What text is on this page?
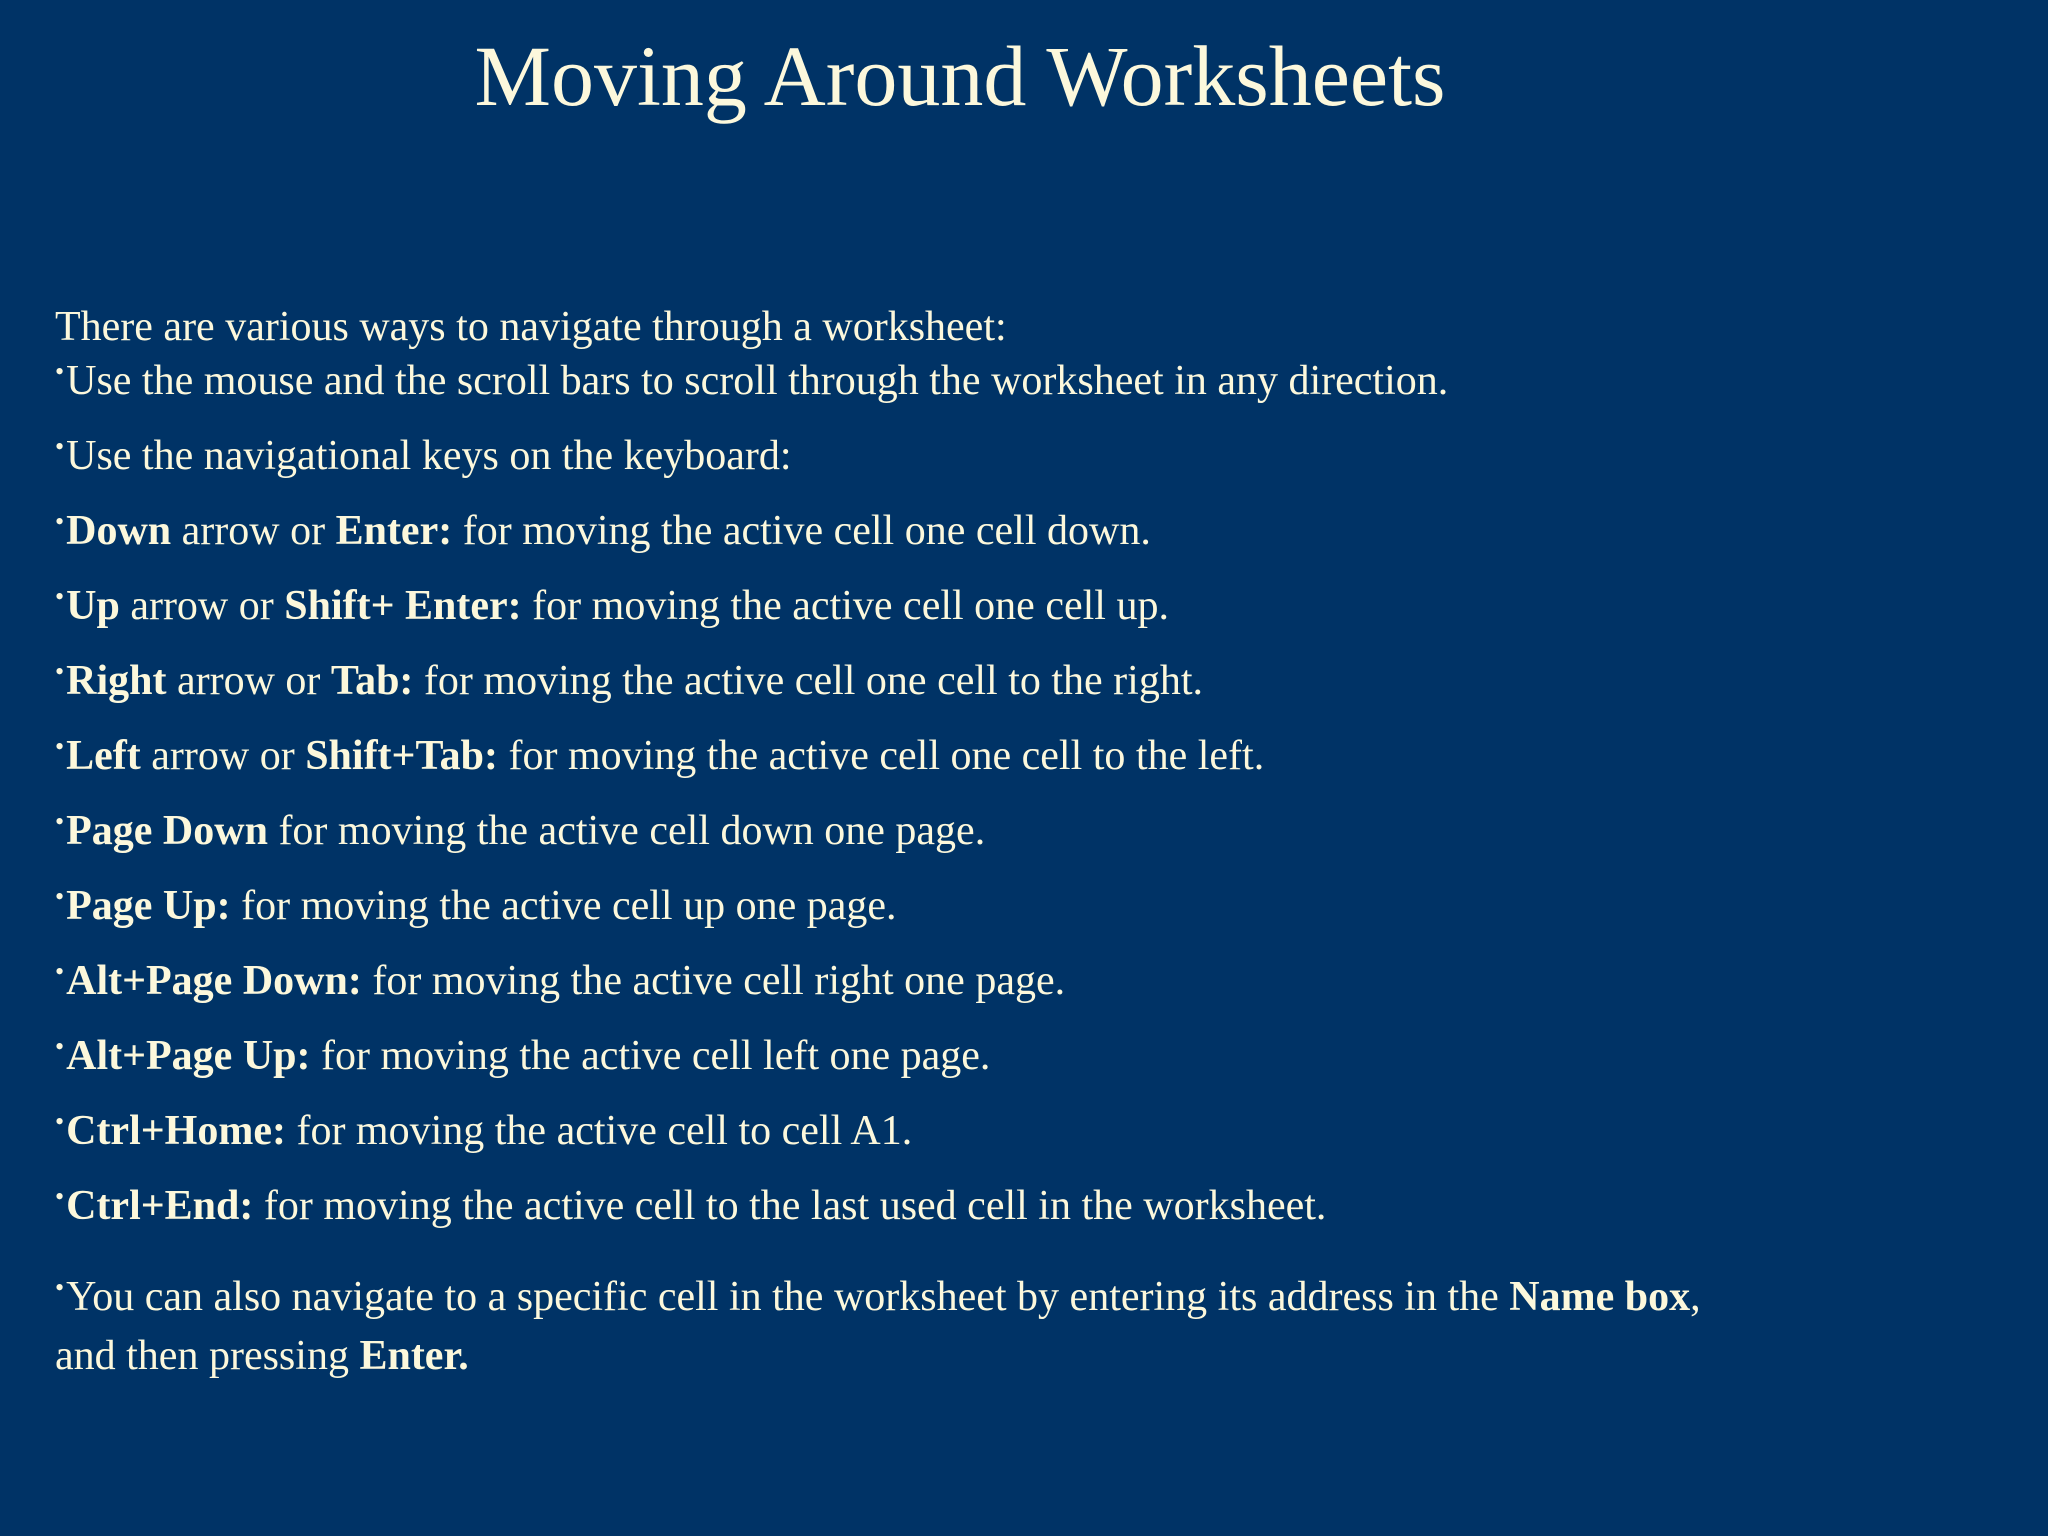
Moving Around Worksheets

There are various ways to navigate through a worksheet:

•Use the mouse and the scroll bars to scroll through the worksheet in any direction.

•Use the navigational keys on the keyboard:

•Down arrow or Enter: for moving the active cell one cell down.

•Up arrow or Shift+ Enter: for moving the active cell one cell up.

•Right arrow or Tab: for moving the active cell one cell to the right.

•Left arrow or Shift+Tab: for moving the active cell one cell to the left.

•Page Down for moving the active cell down one page.

•Page Up: for moving the active cell up one page.

•Alt+Page Down: for moving the active cell right one page.

•Alt+Page Up: for moving the active cell left one page.

•Ctrl+Home: for moving the active cell to cell A1.

•Ctrl+End: for moving the active cell to the last used cell in the worksheet.

•You can also navigate to a specific cell in the worksheet by entering its address in the Name box,
and then pressing Enter.
